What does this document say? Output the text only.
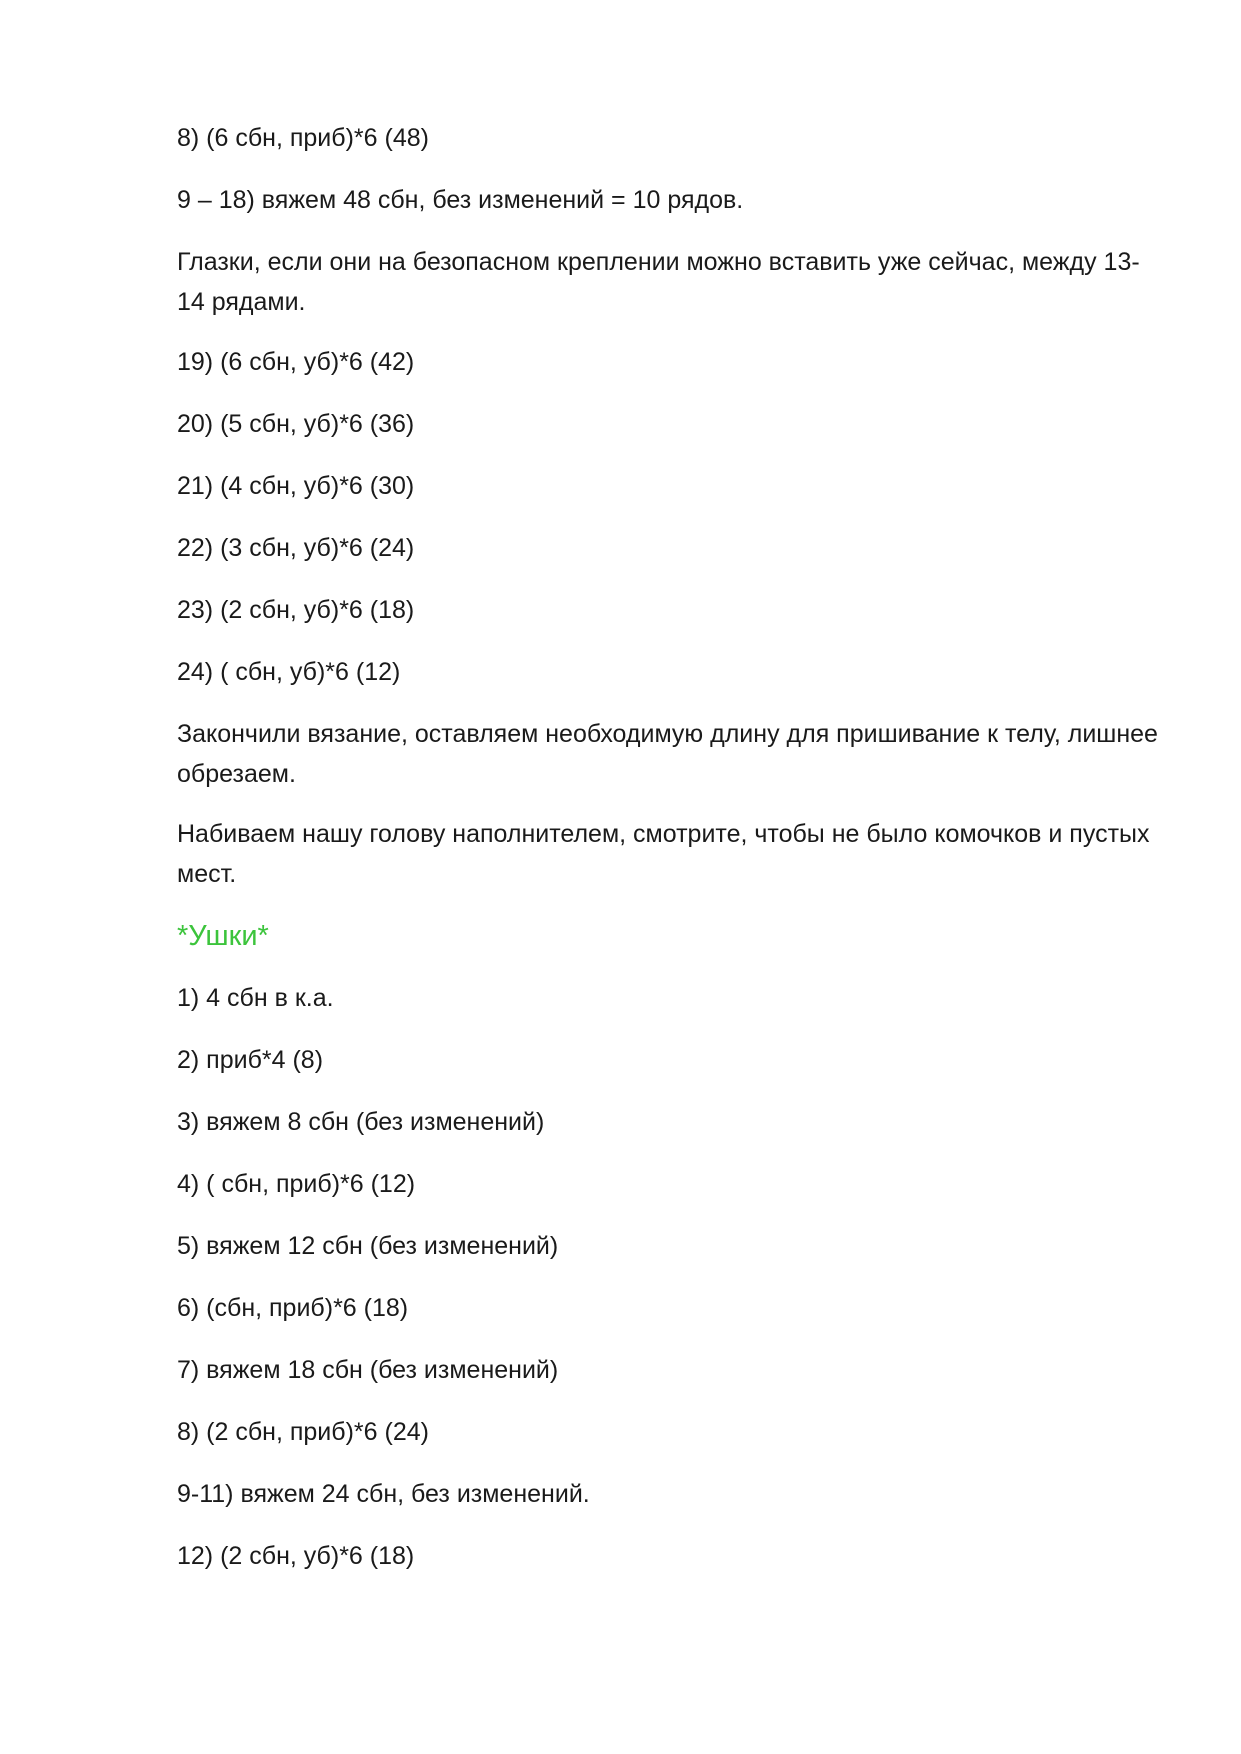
8) (6 сбн, приб)*6 (48)

9 – 18) вяжем 48 сбн, без изменений = 10 рядов.

Глазки, если они на безопасном креплении можно вставить уже сейчас, между 13-14 рядами.

19) (6 сбн, уб)*6 (42)

20) (5 сбн, уб)*6 (36)

21) (4 сбн, уб)*6 (30)

22) (3 сбн, уб)*6 (24)

23) (2 сбн, уб)*6 (18)

24) ( сбн, уб)*6 (12)

Закончили вязание, оставляем необходимую длину для пришивание к телу, лишнее обрезаем.

Набиваем нашу голову наполнителем, смотрите, чтобы не было комочков и пустых мест.

*Ушки*

1) 4 сбн в к.а.

2) приб*4 (8)

3) вяжем 8 сбн (без изменений)

4) ( сбн, приб)*6 (12)

5) вяжем 12 сбн (без изменений)

6) (сбн, приб)*6 (18)

7) вяжем 18 сбн (без изменений)

8) (2 сбн, приб)*6 (24)

9-11) вяжем 24 сбн, без изменений.

12) (2 сбн, уб)*6 (18)
